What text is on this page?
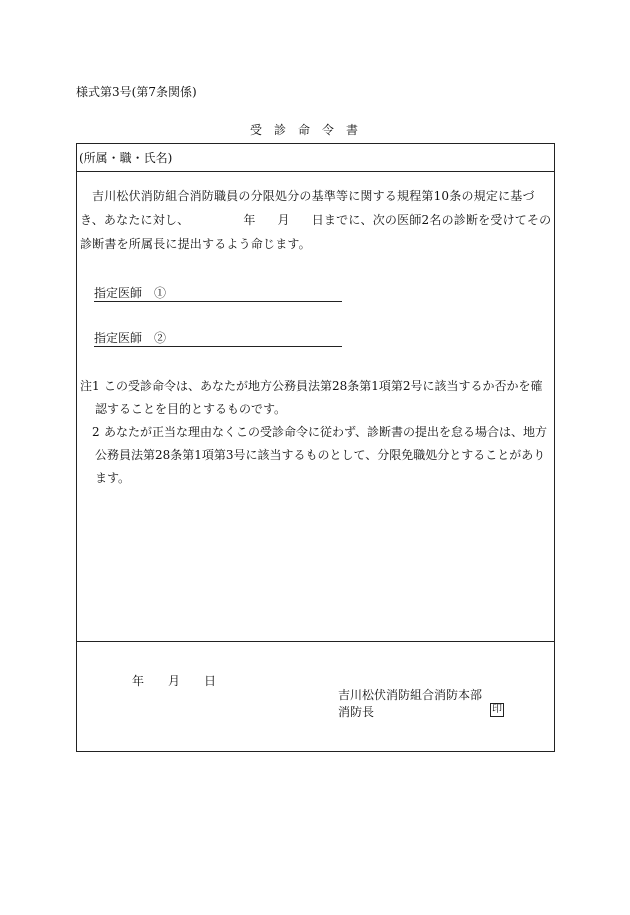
様式第3号(第7条関係)
受診命令書
(所属・職・氏名)
吉川松伏消防組合消防職員の分限処分の基準等に関する規程第10条の規定に基づき、あなたに対し、	年 月 日までに、次の医師2名の診断を受けてその診断書を所属長に提出するよう命じます。
指定医師　 ①
指定医師　 ②
注1 この受診命令は、あなたが地方公務員法第28条第1項第2号に該当するか否かを確認することを目的とするものです。
2 あなたが正当な理由なくこの受診命令に従わず、診断書の提出を怠る場合は、地方公務員法第28条第1項第3号に該当するものとして、分限免職処分とすることがあります。
年 月 日
吉川松伏消防組合消防本部
消防長	印
